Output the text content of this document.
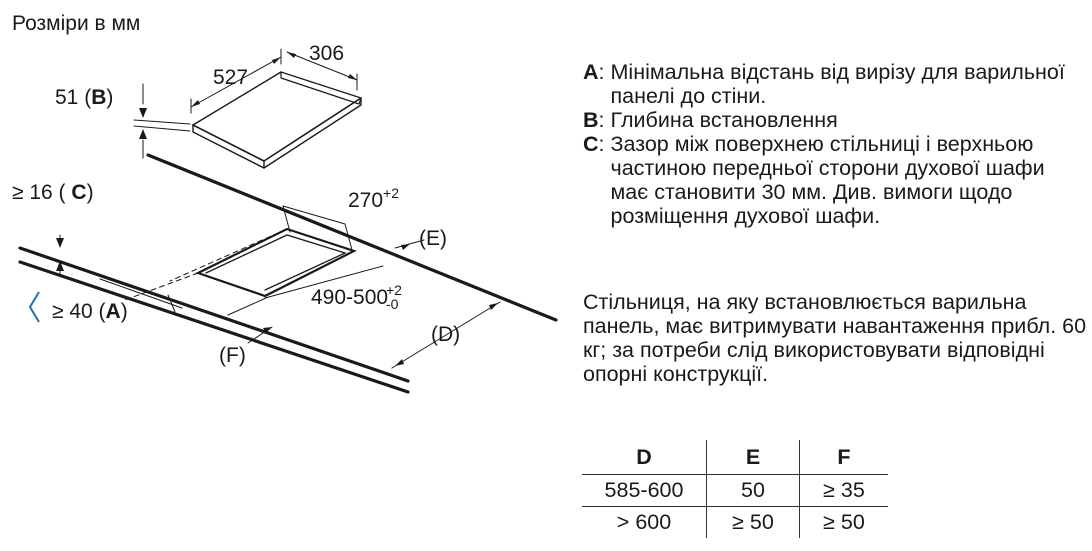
Розміри в мм
527
306
51 (B)
≥ 16 ( C)	$270^{+2}$
(E)
490-500
+2
-0
≥ 40 (A)
(F)
(D)
A : Мінімальна відстань від вирізу для варильної панелі до стіни.
B : Глибина встановлення
C : Зазор між поверхнею стільниці і верхньою частиною передньої сторони духової шафи має становити 30 мм. Див. вимоги щодо розміщення духової шафи.
Стільниця, на яку встановлюється варильна панель, має витримувати навантаження прибл. 60 кг; за потреби слід використовувати відповідні опорні конструкції.
D	E	F
585-600	50	≥ 35
> 600	≥ 50	≥ 50
